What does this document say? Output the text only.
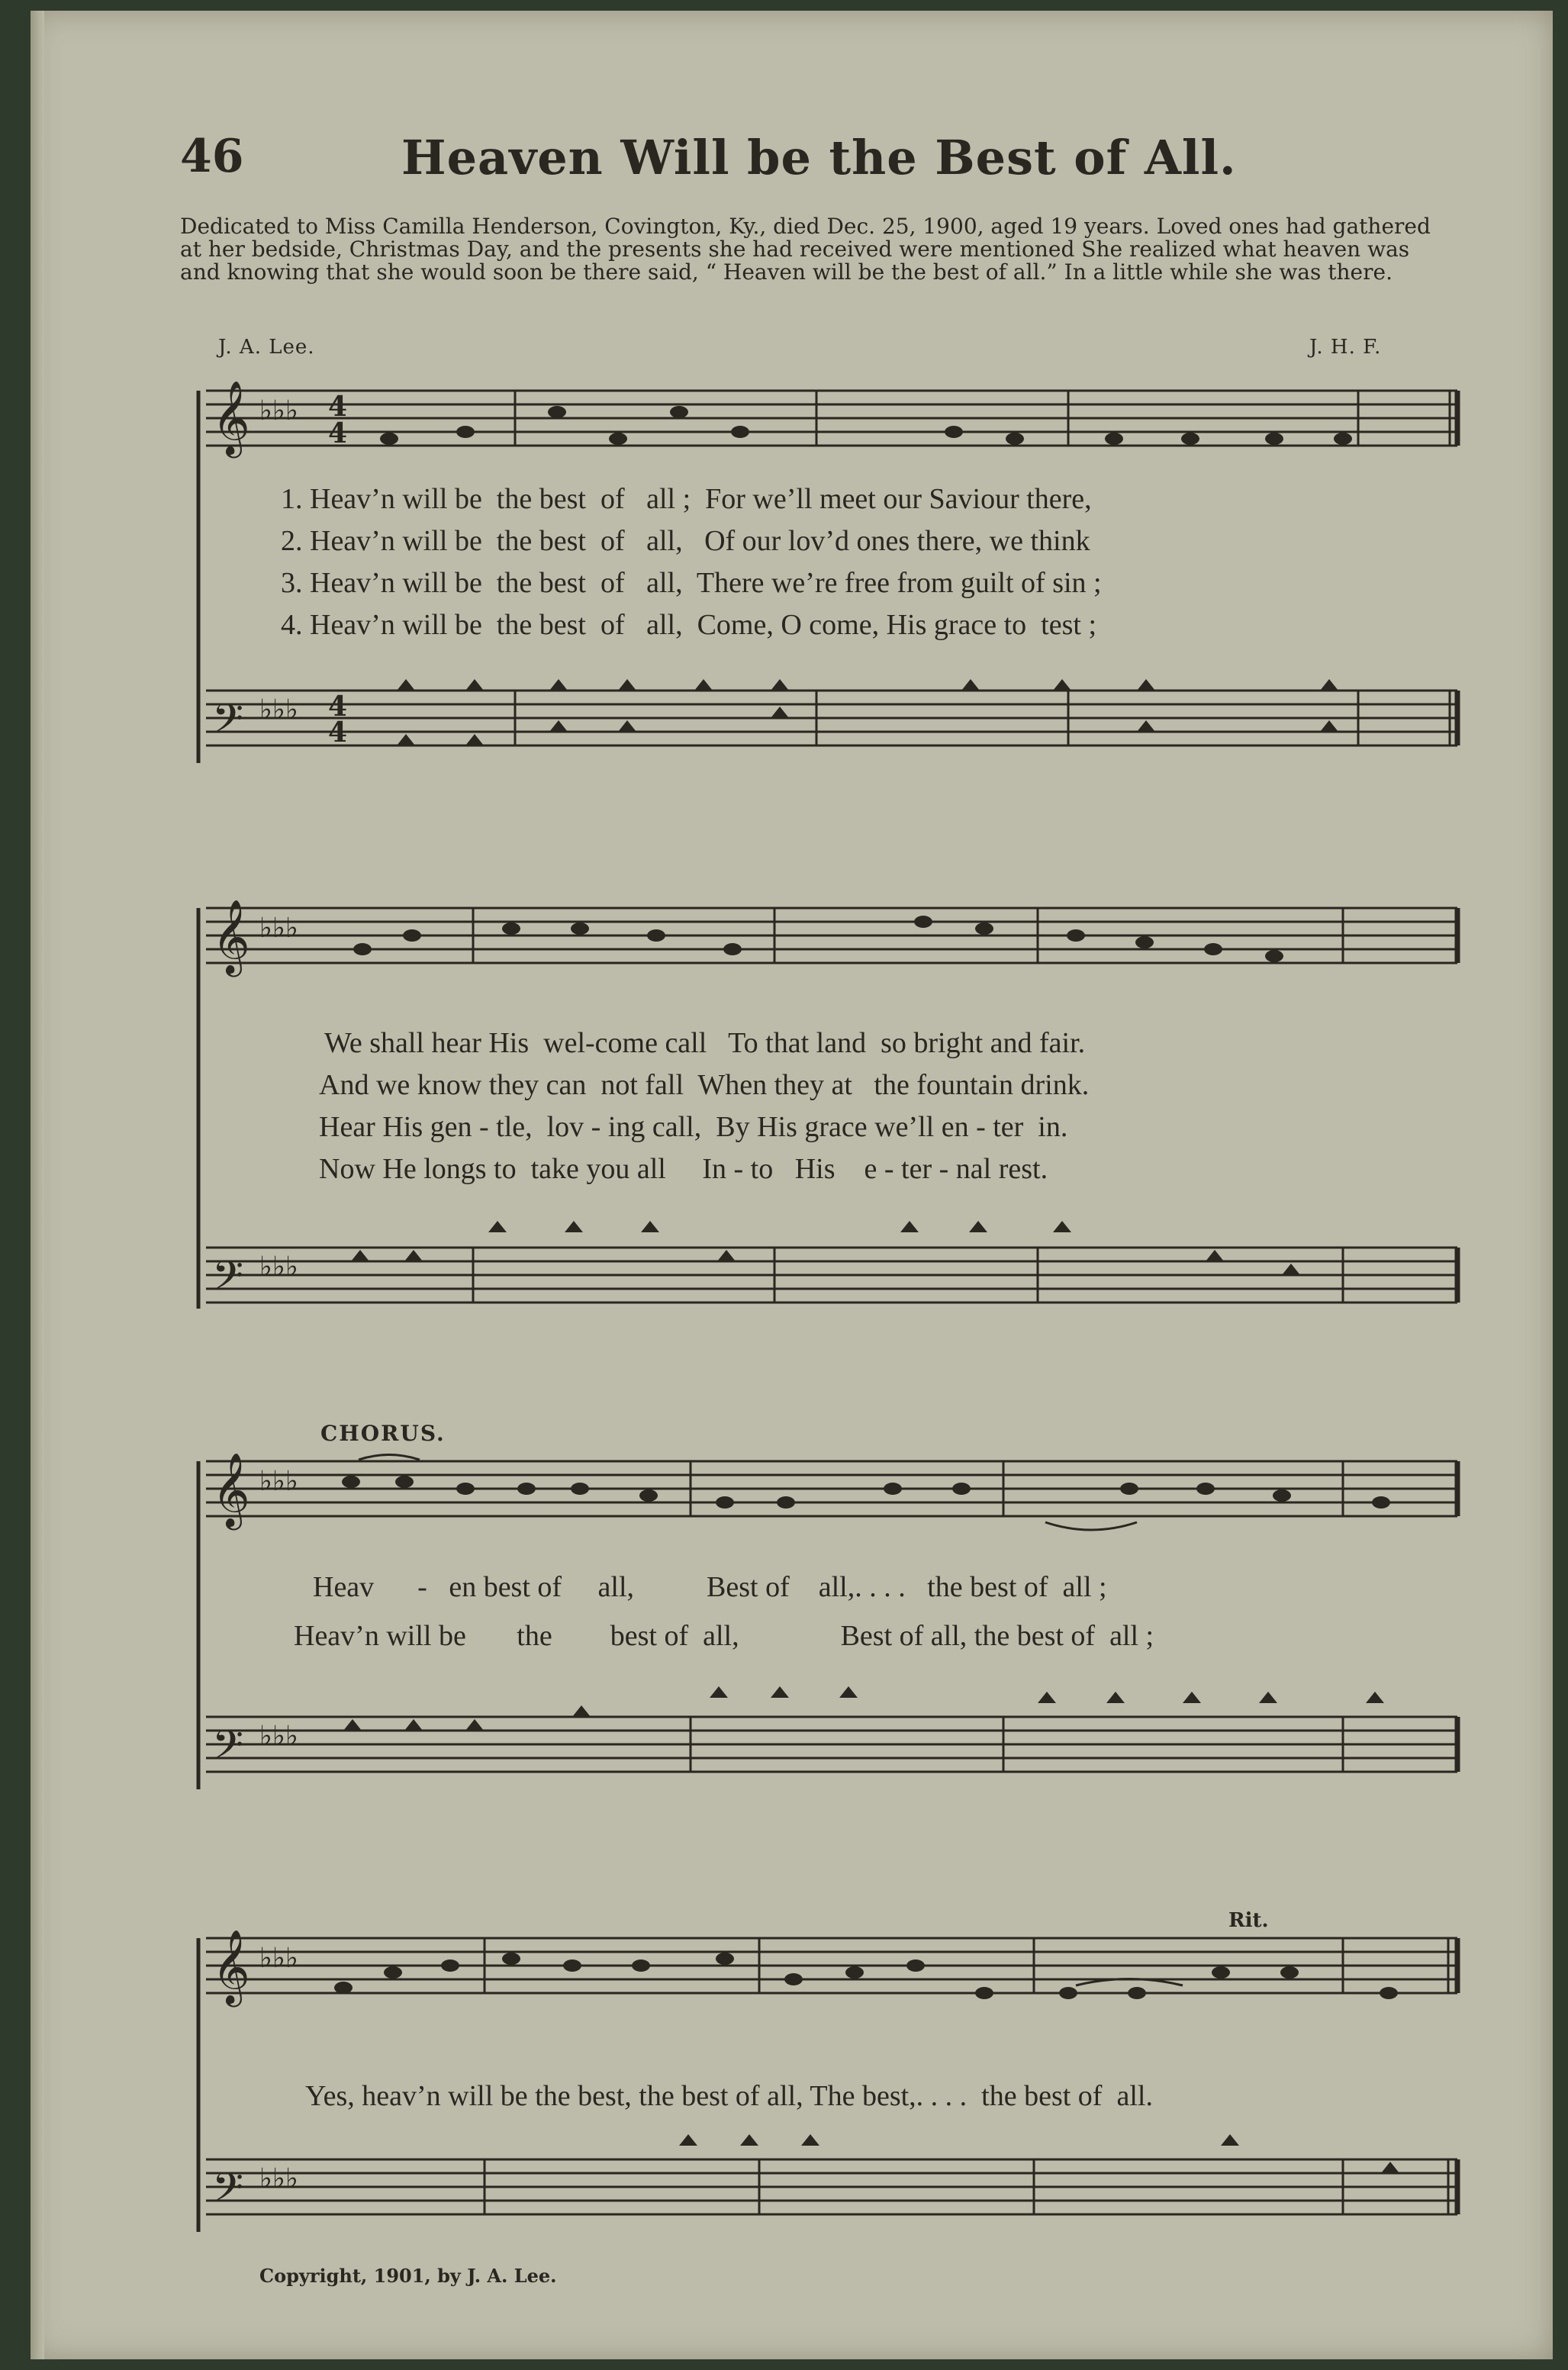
46	Heaven Will be the Best of All.
Dedicated to Miss Camilla Henderson, Covington, Ky., died Dec. 25, 1900, aged 19 years. Loved ones had gathered at her bedside, Christmas Day, and the presents she had received were mentioned She realized what heaven was and knowing that she would soon be there said, “ Heaven will be the best of all.” In a little while she was there.
J. A. Lee.	J. H. F.
𝄞
𝄢
♭♭♭
♭♭♭
4
4
4
4
1. Heav’n will be  the best  of   all ;  For we’ll meet our Saviour there,
2. Heav’n will be  the best  of   all,   Of our lov’d ones there, we think
3. Heav’n will be  the best  of   all,  There we’re free from guilt of sin ;
4. Heav’n will be  the best  of   all,  Come, O come, His grace to  test ;
𝄞
𝄢
♭♭♭
♭♭♭
We shall hear His  wel-come call   To that land  so bright and fair.
And we know they can  not fall  When they at   the fountain drink.
Hear His gen - tle,  lov - ing call,  By His grace we’ll en - ter  in.
Now He longs to  take you all     In - to   His    e - ter - nal rest.
CHORUS.
𝄞
𝄢
♭♭♭
♭♭♭
Heav      -   en best of     all,          Best of    all,. . . .   the best of  all ;
Heav’n will be       the        best of  all,              Best of all, the best of  all ;
Rit.
𝄞
𝄢
♭♭♭
♭♭♭
Yes, heav’n will be the best, the best of all, The best,. . . .  the best of  all.
Copyright, 1901, by J. A. Lee.
